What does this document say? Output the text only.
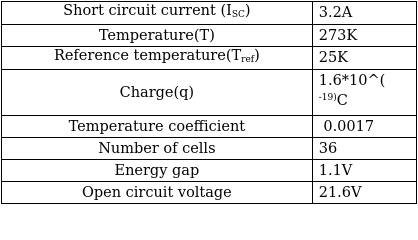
Short circuit current $(I_{SC})$	3.2A
Temperature(T)	273K
Reference $temperature(T_{ref})$	25K
Charge(q)	1.6*10^(
$^{-19)}$C
Temperature coefficient	0.0017
Number of cells	36
Energy gap	1.1V
Open circuit voltage	21.6V
